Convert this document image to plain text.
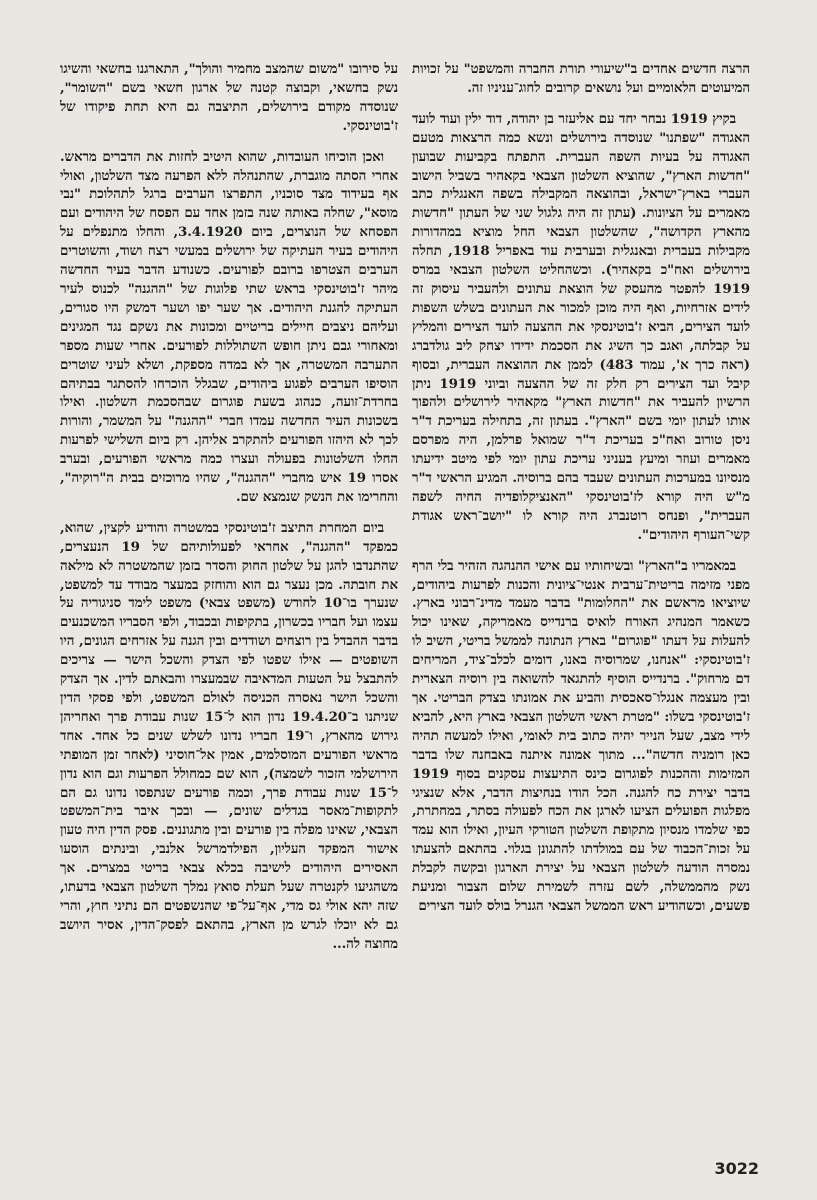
הרצה חדשים אחדים ב"שיעורי תורת החברה והמשפט" על זכויות המיעוטים הלאומיים ועל נושאים קרובים לחוג־עניניו זה.

בקיץ 1919 נבחר יחד עם אליעזר בן יהודה, דוד ילין ועוד לועד האגודה "שפתנו" שנוסדה בירושלים ונשא כמה הרצאות מטעם האגודה על בעיות השפה העברית. התפתח בקביעות שבועון "חדשות הארץ", שהוציא השלטון הצבאי בקאהיר בשביל הישוב העברי בארץ־ישראל, ובהוצאה המקבילה בשפה האנגלית כתב מאמרים על הציונות. (עתון זה היה גלגול שני של העתון "חדשות מהארץ הקדושה", שהשלטון הצבאי החל מוציא במהדורות מקבילות בעברית ובאנגלית ובערבית עוד באפריל 1918, תחלה בירושלים ואח"כ בקאהיר). וכשהחליט השלטון הצבאי במרס 1919 להפטר מהעסק של הוצאת עתונים ולהעביר עיסוק זה לידים אזרחיות, ואף היה מוכן למכור את העתונים בשלש השפות לועד הצירים, הביא ז'בוטינסקי את ההצעה לועד הצירים והמליץ על קבלתה, ואגב כך השיג את הסכמת ידידו יצחק ליב גולדברג (ראה כרך א', עמוד 483) לממן את ההוצאה העברית, ובסוף קיבל ועד הצירים רק חלק זה של ההצעה וביוני 1919 ניתן הרשיון להעביר את "חדשות הארץ" מקאהיר לירושלים ולהפוך אותו לעתון יומי בשם "הארץ". בעתון זה, בתחילה בעריכת ד"ר ניסן טורוב ואח"כ בעריכת ד"ר שמואל פרלמן, היה מפרסם מאמרים ועוזר ומיעץ בעניני עריכת עתון יומי לפי מיטב ידיעתו מנסיונו במערכות העתונים שעבד בהם ברוסיה. המגיע הראשי ד"ר מ"ש היה קורא לז'בוטינסקי "האנציקלופדיה החיה לשפה העברית", ופנחס רוטנברג היה קורא לו "יושב־ראש אגודת קשי־העורף היהודים".

במאמריו ב"הארץ" ובשיחותיו עם אישי ההנהגה הזהיר בלי הרף מפני מזימה בריטית־ערבית אנטי־ציונית והכנות לפרעות ביהודים, שיוציאו מראשם את "החלומות" בדבר מעמד מדינ־רבוני בארץ. כשאמר המנהיג האורח לואיס ברנדייס מאמריקה, שאינו יכול להעלות על דעתו "פוגרום" בארץ הנתונה לממשל בריטי, השיב לו ז'בוטינסקי: "אנחנו, שמרוסיה באנו, דומים לכלב־ציד, המריחים דם מרחוק". ברנדייס הוסיף להתגאד להשואה בין רוסיה הצארית ובין מעצמה אנגלו־סאכסית והביע את אמונתו בצדק הבריטי. אך ז'בוטינסקי בשלו: "מטרת ראשי השלטון הצבאי בארץ היא, להביא לידי מצב, שעל הנייר יהיה כתוב בית לאומי, ואילו למעשה תהיה כאן רומניה חדשה"... מתוך אמונה איתנה באבחנה שלו בדבר המזימות וההכנות לפוגרום כינס התיעצות עסקנים בסוף 1919 בדבר יצירת כח להגנה. הכל הודו בנחיצות הדבר, אלא שנציגי מפלגות הפועלים הציעו לארגן את הכח לפעולה בסתר, במחתרת, כפי שלמדו מנסיון מתקופת השלטון הטורקי העיון, ואילו הוא עמד על זכות־הכבוד של עם במולדתו להתגונן בגלוי. בהתאם להצעתו נמסרה הודעה לשלטון הצבאי על יצירת הארגון ובקשה לקבלת נשק מהממשלה, לשם עזרה לשמירת שלום הצבור ומניעת פשעים, וכשהודיע ראש הממשל הצבאי הגנרל בולס לועד הצירים

על סירובו "משום שהמצב מחמיר והולך", התארגנו בחשאי והשיגו נשק בחשאי, וקבוצה קטנה של ארגון חשאי בשם "השומר", שנוסדה מקודם בירושלים, התיצבה גם היא תחת פיקודו של ז'בוטינסקי.

ואכן הוכיחו העובדות, שהוא היטיב לחזות את הדברים מראש. אחרי הסתה מוגברת, שהתנהלה ללא הפרעה מצד השלטון, ואולי אף בעידוד מצד סוכניו, התפרצו הערבים ברגל לתהלוכת "נבי מוסא", שחלה באותה שנה בזמן אחד עם הפסח של היהודים ועם הפסחא של הנוצרים, ביום 3.4.1920, והחלו מתנפלים על היהודים בעיר העתיקה של ירושלים במעשי רצח ושוד, והשוטרים הערבים הצטרפו ברובם לפורעים. כשנודע הדבר בעיר החדשה מיהר ז'בוטינסקי בראש שתי פלוגות של "ההגנה" לכנוס לעיר העתיקה להגנת היהודים. אך שער יפו ושער דמשק היו סגורים, ועליהם ניצבים חיילים בריטיים ומכונות את נשקם נגד המגינים ומאחורי גבם ניתן חופש השתוללות לפורעים. אחרי שעות מספר התערבה המשטרה, אך לא במדה מספקת, ושלא לעיני שוטרים הוסיפו הערבים לפגוע ביהודים, שבגלל הוכרחו להסתגר בבתיהם בחרדת־זועה, כנהוג בשעת פוגרום שבהסכמת השלטון. ואילו בשכונות העיר החדשה עמדו חברי "ההגנה" על המשמר, והורות לכך לא היהזו הפורעים להתקרב אליהן. רק ביום השלישי לפרעות החלו השלטונות בפעולה ועצרו כמה מראשי הפורעים, ובערב אסרו 19 איש מחברי "ההגנה", שהיו מרוכזים בבית ה"רוקיה", והחרימו את הנשק שנמצא שם.

ביום המחרת התיצב ז'בוטינסקי במשטרה והודיע לקצין, שהוא, כמפקד "ההגנה", אחראי לפעולותיהם של 19 הנעצרים, שהתנדבו להגן על שלטון החוק והסדר בזמן שהמשטרה לא מילאה את חובתה. מכן נעצר גם הוא והוחזק במעצר מבודד עד למשפט, שנערך בו־10 לחודש (משפט צבאי) משפט לימד סניגוריה על עצמו ועל חבריו בכשרון, בתקיפות ובכבוד, ולפי הסבריו המשכנעים בדבר ההבדל בין רוצחים ושודדים ובין הגנה על אזרחים הגונים, היו השופטים — אילו שפטו לפי הצדק והשכל הישר — צריכים להתבצל על הטעות המדאיבה שבמעצרו והבאתם לדין. אך הצדק והשכל הישר נאסרה הכניסה לאולם המשפט, ולפי פסקי הדין שניתנו ב־19.4.20 נדון הוא ל־15 שנות עבודת פרך ואחריהן גירוש מהארץ, ו־19 חבריו נדונו לשלש שנים כל אחד. אחד מראשי הפורעים המוסלמים, אמין אל־חוסיני (לאחר זמן המופתי הירושלמי הזכור לשמצה), הוא שם כמחולל הפרעות וגם הוא נדון ל־15 שנות עבודת פרך, וכמה פורעים שנתפסו נדונו גם הם לתקופות־מאסר בגדלים שונים, — ובכך איבר בית־המשפט הצבאי, שאינו מפלה בין פורעים ובין מתגוננים. פסק הדין היה טעון אישור המפקד העליון, הפילדמרשל אלנבי, ובינתים הוסעו האסירים היהודים לישיבה בכלא צבאי בריטי במצרים. אך משהגיעו לקנטרה שעל תעלת סואץ נמלך השלטון הצבאי בדעתו, שזה יהא אולי גס מדי, אף־על־פי שהנשפטים הם נתיני חוץ, והרי גם לא יוכלו לגרש מן הארץ, בהתאם לפסק־הדין, אסיר היושב מחוצה לה...

3022
